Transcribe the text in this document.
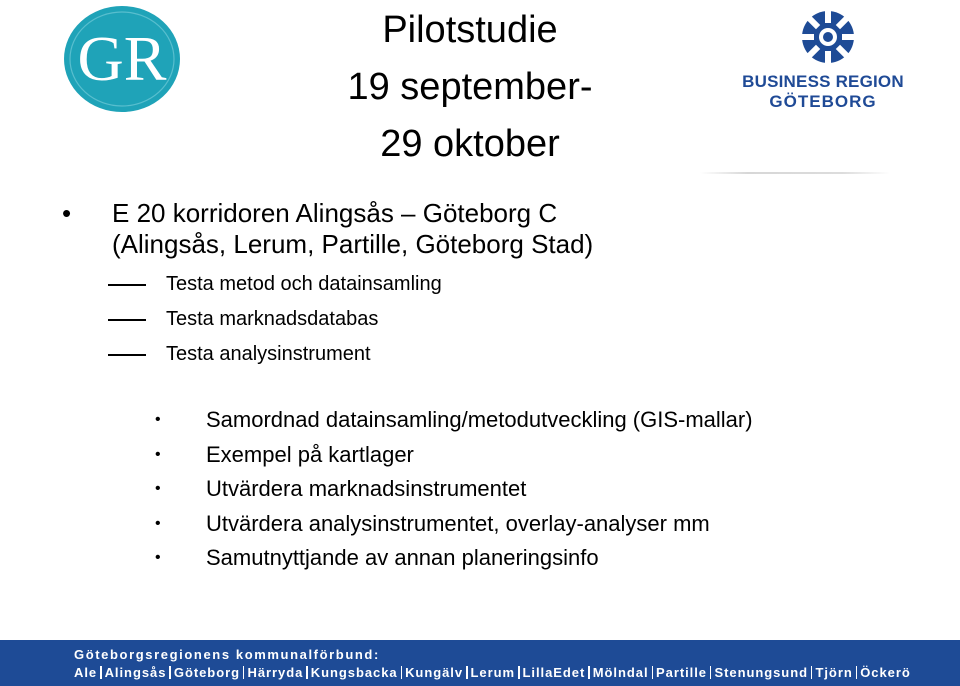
GR	Pilotstudie
19 september-
29 oktober
BUSINESS REGION
GÖTEBORG
•	E 20 korridoren Alingsås – Göteborg C
(Alingsås, Lerum, Partille, Göteborg Stad)
Testa metod och datainsamling
Testa marknadsdatabas
Testa analysinstrument
•	Samordnad datainsamling/metodutveckling (GIS-mallar)
•	Exempel på kartlager
•	Utvärdera marknadsinstrumentet
•	Utvärdera analysinstrumentet, overlay-analyser mm
•	Samutnyttjande av annan planeringsinfo
Göteborgsregionens kommunalförbund:
Ale Alingsås Göteborg Härryda Kungsbacka Kungälv Lerum LillaEdet Mölndal Partille Stenungsund Tjörn Öckerö
